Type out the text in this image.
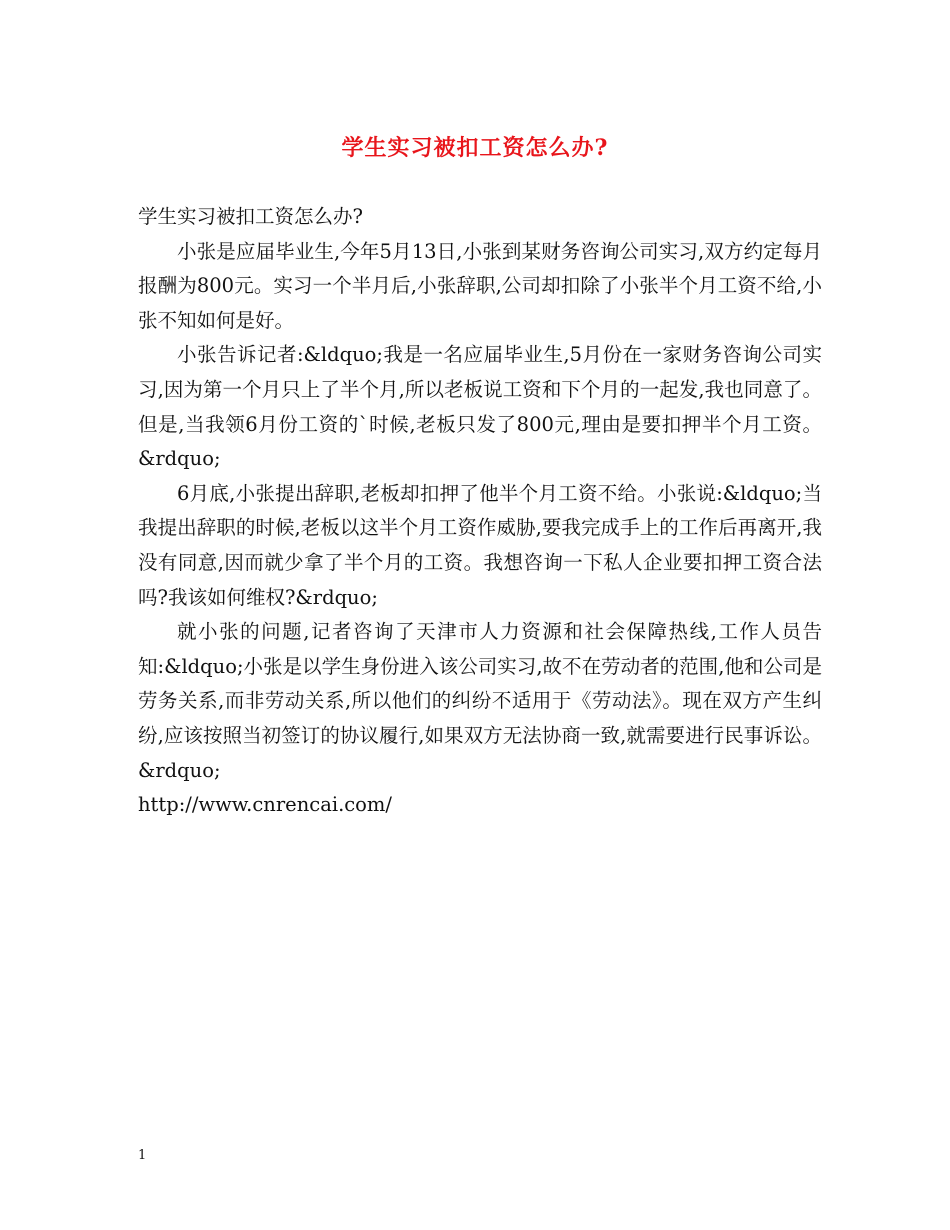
学生实习被扣工资怎么办?

学生实习被扣工资怎么办?

小张是应届毕业生,今年5月13日,小张到某财务咨询公司实习,双方约定每月报酬为800元。实习一个半月后,小张辞职,公司却扣除了小张半个月工资不给,小张不知如何是好。

小张告诉记者:&ldquo;我是一名应届毕业生,5月份在一家财务咨询公司实习,因为第一个月只上了半个月,所以老板说工资和下个月的一起发,我也同意了。但是,当我领6月份工资的`时候,老板只发了800元,理由是要扣押半个月工资。&rdquo;

6月底,小张提出辞职,老板却扣押了他半个月工资不给。小张说:&ldquo;当我提出辞职的时候,老板以这半个月工资作威胁,要我完成手上的工作后再离开,我没有同意,因而就少拿了半个月的工资。我想咨询一下私人企业要扣押工资合法吗?我该如何维权?&rdquo;

就小张的问题,记者咨询了天津市人力资源和社会保障热线,工作人员告知:&ldquo;小张是以学生身份进入该公司实习,故不在劳动者的范围,他和公司是劳务关系,而非劳动关系,所以他们的纠纷不适用于《劳动法》。现在双方产生纠纷,应该按照当初签订的协议履行,如果双方无法协商一致,就需要进行民事诉讼。&rdquo;

http://www.cnrencai.com/

1
